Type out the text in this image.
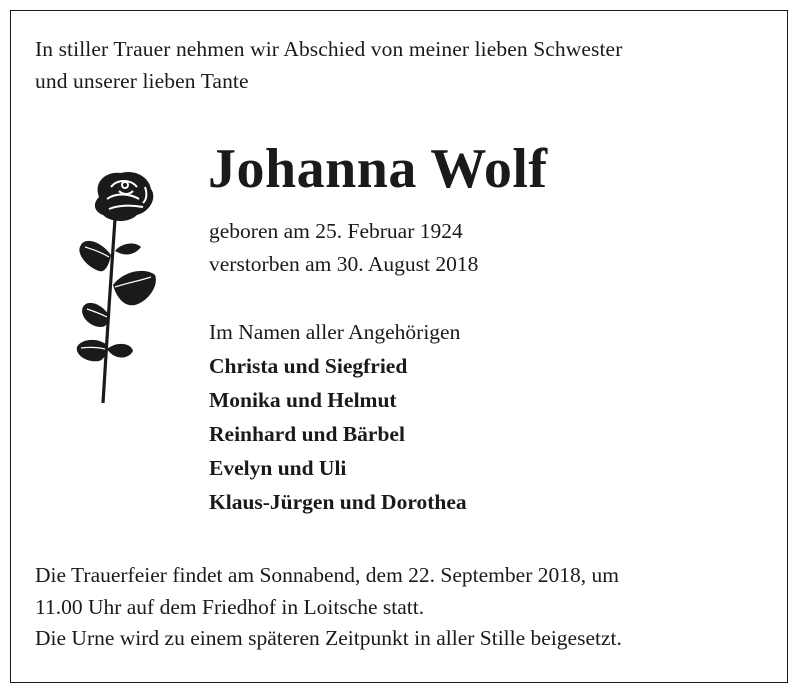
In stiller Trauer nehmen wir Abschied von meiner lieben Schwester
und unserer lieben Tante
Johanna Wolf
geboren am 25. Februar 1924
verstorben am 30. August 2018
Im Namen aller Angehörigen
Christa und Siegfried
Monika und Helmut
Reinhard und Bärbel
Evelyn und Uli
Klaus-Jürgen und Dorothea
Die Trauerfeier findet am Sonnabend, dem 22. September 2018, um
11.00 Uhr auf dem Friedhof in Loitsche statt.
Die Urne wird zu einem späteren Zeitpunkt in aller Stille beigesetzt.
